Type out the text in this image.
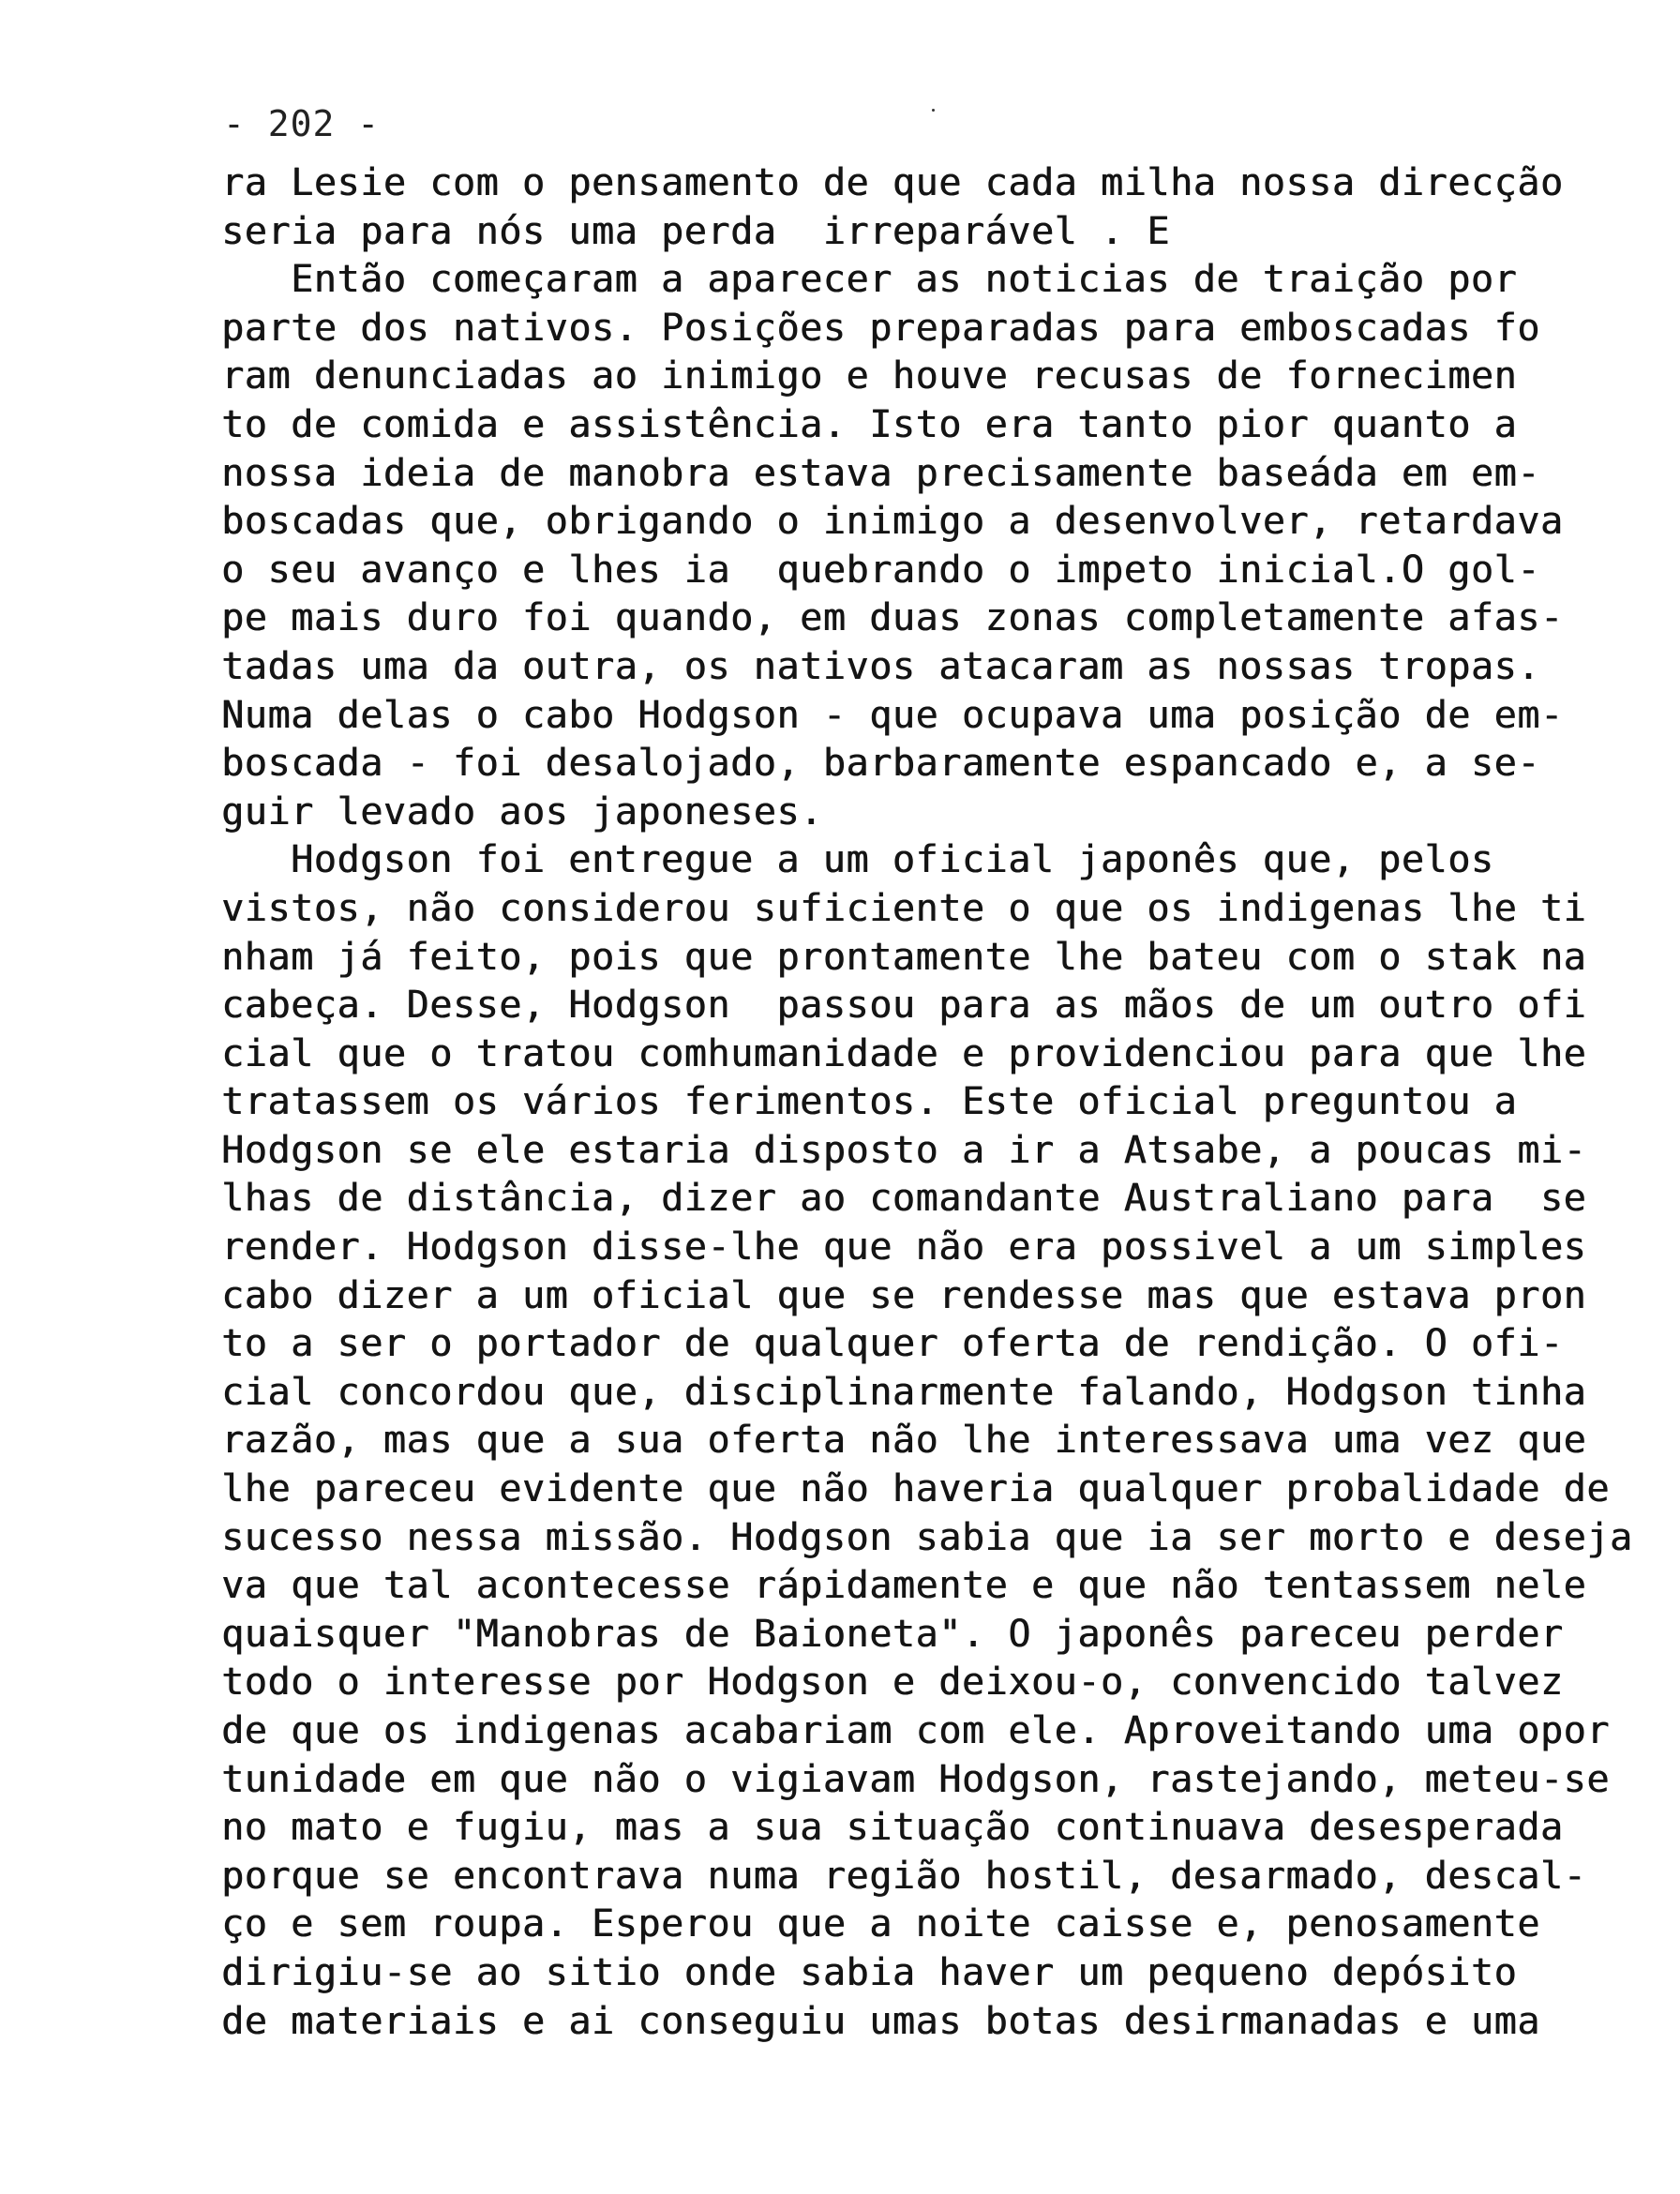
- 202 -
ra Lesie com o pensamento de que cada milha nossa direcção
seria para nós uma perda  irreparável . E
Então começaram a aparecer as noticias de traição por
parte dos nativos. Posições preparadas para emboscadas fo
ram denunciadas ao inimigo e houve recusas de fornecimen
to de comida e assistência. Isto era tanto pior quanto a
nossa ideia de manobra estava precisamente baseáda em em-
boscadas que, obrigando o inimigo a desenvolver, retardava
o seu avanço e lhes ia  quebrando o impeto inicial.O gol-
pe mais duro foi quando, em duas zonas completamente afas-
tadas uma da outra, os nativos atacaram as nossas tropas.
Numa delas o cabo Hodgson - que ocupava uma posição de em-
boscada - foi desalojado, barbaramente espancado e, a se-
guir levado aos japoneses.
Hodgson foi entregue a um oficial japonês que, pelos
vistos, não considerou suficiente o que os indigenas lhe ti
nham já feito, pois que prontamente lhe bateu com o stak na
cabeça. Desse, Hodgson  passou para as mãos de um outro ofi
cial que o tratou comhumanidade e providenciou para que lhe
tratassem os vários ferimentos. Este oficial preguntou a
Hodgson se ele estaria disposto a ir a Atsabe, a poucas mi-
lhas de distância, dizer ao comandante Australiano para  se
render. Hodgson disse-lhe que não era possivel a um simples
cabo dizer a um oficial que se rendesse mas que estava pron
to a ser o portador de qualquer oferta de rendição. O ofi-
cial concordou que, disciplinarmente falando, Hodgson tinha
razão, mas que a sua oferta não lhe interessava uma vez que
lhe pareceu evidente que não haveria qualquer probalidade de
sucesso nessa missão. Hodgson sabia que ia ser morto e deseja
va que tal acontecesse rápidamente e que não tentassem nele
quaisquer "Manobras de Baioneta". O japonês pareceu perder
todo o interesse por Hodgson e deixou-o, convencido talvez
de que os indigenas acabariam com ele. Aproveitando uma opor
tunidade em que não o vigiavam Hodgson, rastejando, meteu-se
no mato e fugiu, mas a sua situação continuava desesperada
porque se encontrava numa região hostil, desarmado, descal-
ço e sem roupa. Esperou que a noite caisse e, penosamente
dirigiu-se ao sitio onde sabia haver um pequeno depósito
de materiais e ai conseguiu umas botas desirmanadas e uma
